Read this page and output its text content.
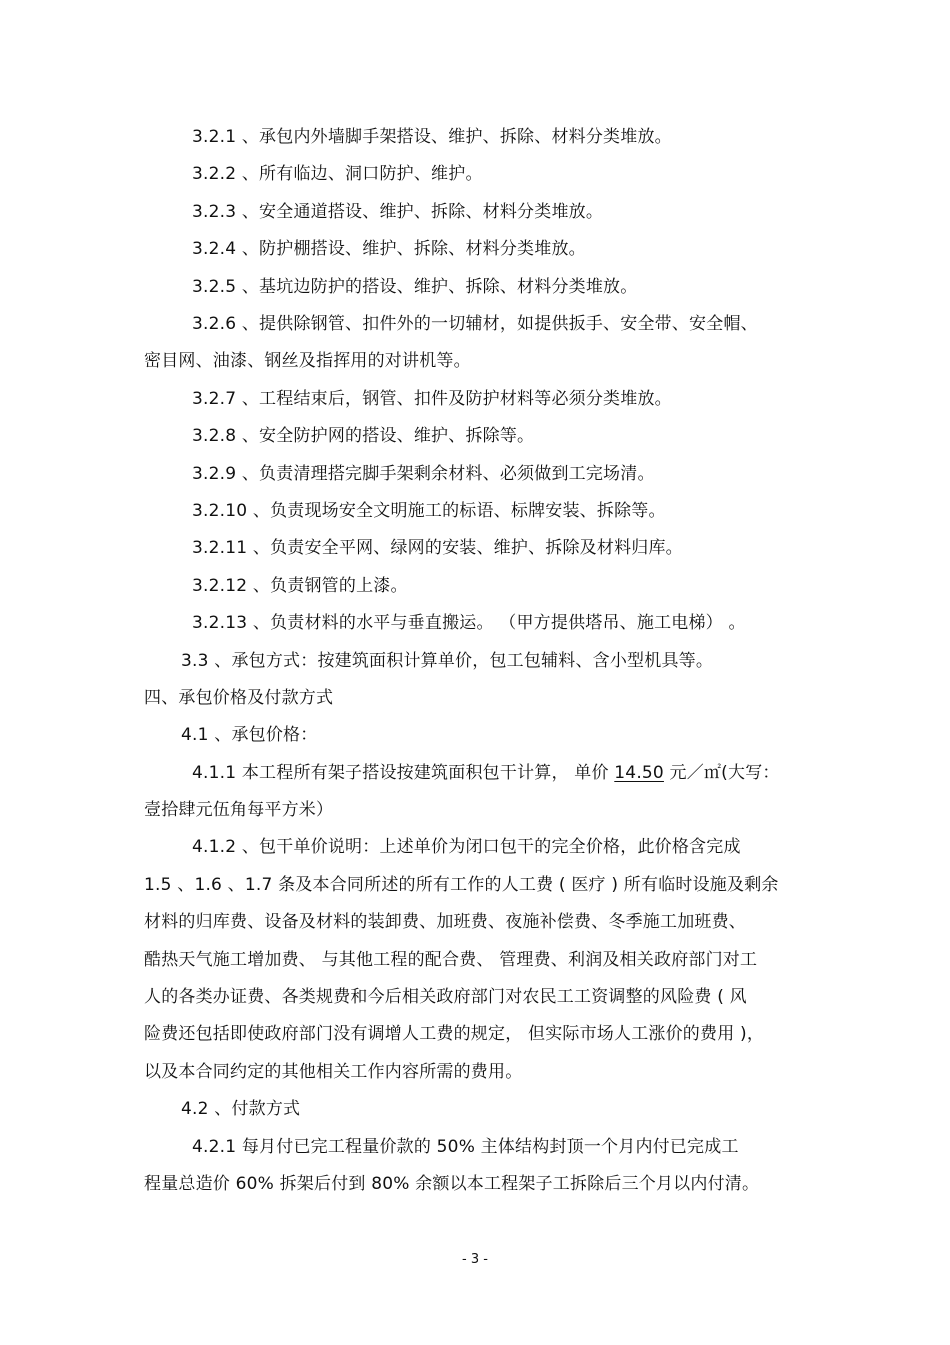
3.2.1 、承包内外墙脚手架搭设、维护、拆除、材料分类堆放。
3.2.2 、所有临边、洞口防护、维护。
3.2.3 、安全通道搭设、维护、拆除、材料分类堆放。
3.2.4 、防护棚搭设、维护、拆除、材料分类堆放。
3.2.5 、基坑边防护的搭设、维护、拆除、材料分类堆放。
3.2.6 、提供除钢管、扣件外的一切辅材，如提供扳手、安全带、安全帽、
密目网、油漆、钢丝及指挥用的对讲机等。
3.2.7 、工程结束后，钢管、扣件及防护材料等必须分类堆放。
3.2.8 、安全防护网的搭设、维护、拆除等。
3.2.9 、负责清理搭完脚手架剩余材料、必须做到工完场清。
3.2.10 、负责现场安全文明施工的标语、标牌安装、拆除等。
3.2.11 、负责安全平网、绿网的安装、维护、拆除及材料归库。
3.2.12 、负责钢管的上漆。
3.2.13 、负责材料的水平与垂直搬运。 （甲方提供塔吊、施工电梯） 。
3.3 、承包方式：按建筑面积计算单价，包工包辅料、含小型机具等。
四、承包价格及付款方式
4.1 、承包价格：
4.1.1 本工程所有架子搭设按建筑面积包干计算， 单价 14.50 元／㎡(大写：
壹拾肆元伍角每平方米）
4.1.2 、包干单价说明：上述单价为闭口包干的完全价格，此价格含完成
1.5 、1.6 、1.7 条及本合同所述的所有工作的人工费 ( 医疗 ) 所有临时设施及剩余
材料的归库费、设备及材料的装卸费、加班费、夜施补偿费、冬季施工加班费、
酷热天气施工增加费、 与其他工程的配合费、 管理费、利润及相关政府部门对工
人的各类办证费、各类规费和今后相关政府部门对农民工工资调整的风险费 ( 风
险费还包括即使政府部门没有调增人工费的规定， 但实际市场人工涨价的费用 )，
以及本合同约定的其他相关工作内容所需的费用。
4.2 、付款方式
4.2.1 每月付已完工程量价款的 50% 主体结构封顶一个月内付已完成工
程量总造价 60% 拆架后付到 80% 余额以本工程架子工拆除后三个月以内付清。
- 3 -
